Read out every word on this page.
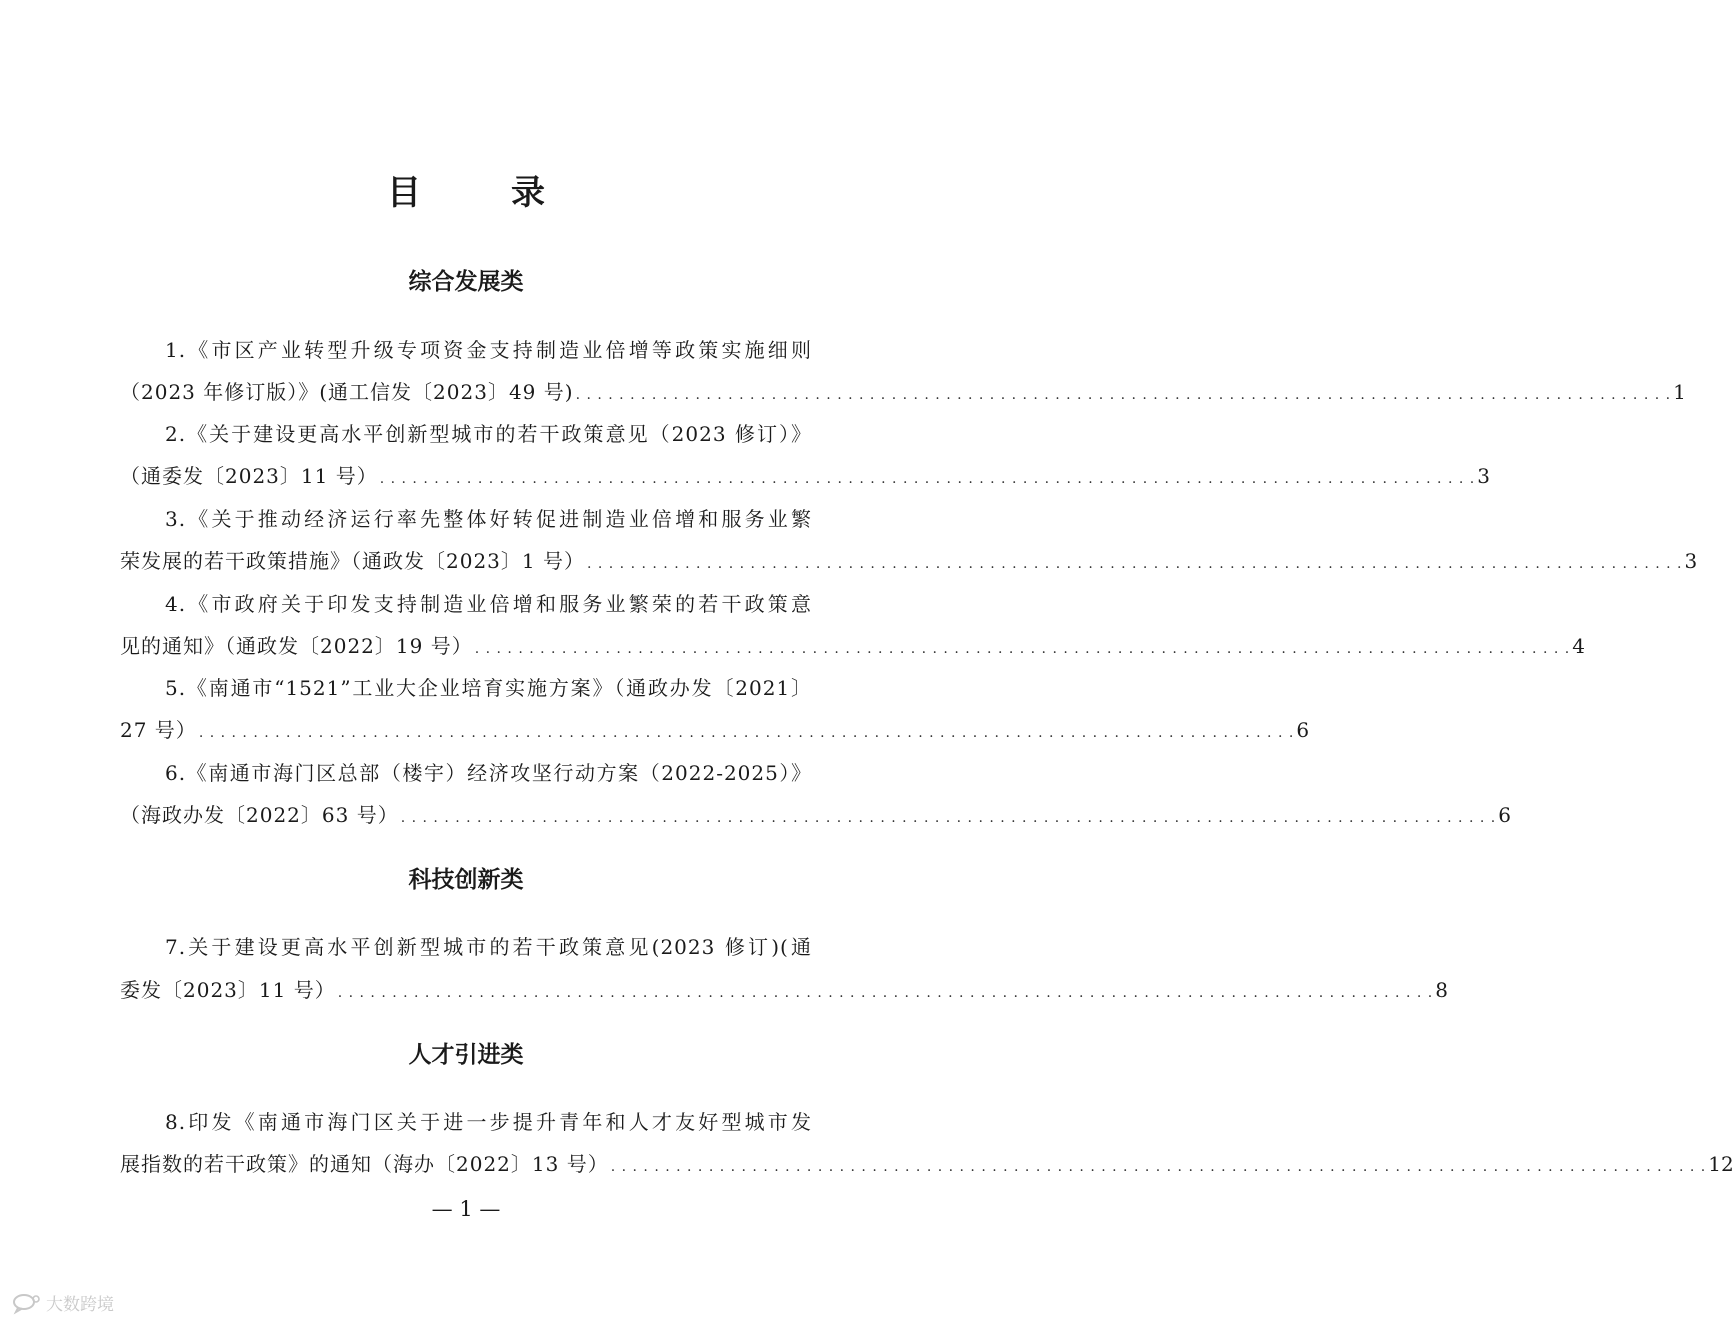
目　录
综合发展类
1.《市区产业转型升级专项资金支持制造业倍增等政策实施细则
（2023 年修订版）》(通工信发〔2023〕49 号) . . . . . . . . . . . . . . . . . . . . . . . . . . . . . . . . . . . . . . . . . . . . . . . . . . . . . . . . . . . . . . . . . . . . . . . . . . . . . . . . . . . . . . . . . . . . . . . . . . . . . 1
2.《关于建设更高水平创新型城市的若干政策意见（2023 修订）》
（通委发〔2023〕11 号） . . . . . . . . . . . . . . . . . . . . . . . . . . . . . . . . . . . . . . . . . . . . . . . . . . . . . . . . . . . . . . . . . . . . . . . . . . . . . . . . . . . . . . . . . . . . . . . . . . . . . 3
3.《关于推动经济运行率先整体好转促进制造业倍增和服务业繁
荣发展的若干政策措施》（通政发〔2023〕1 号） . . . . . . . . . . . . . . . . . . . . . . . . . . . . . . . . . . . . . . . . . . . . . . . . . . . . . . . . . . . . . . . . . . . . . . . . . . . . . . . . . . . . . . . . . . . . . . . . . . . . . 3
4.《市政府关于印发支持制造业倍增和服务业繁荣的若干政策意
见的通知》（通政发〔2022〕19 号） . . . . . . . . . . . . . . . . . . . . . . . . . . . . . . . . . . . . . . . . . . . . . . . . . . . . . . . . . . . . . . . . . . . . . . . . . . . . . . . . . . . . . . . . . . . . . . . . . . . . . 4
5.《南通市“1521”工业大企业培育实施方案》（通政办发〔2021〕
27 号） . . . . . . . . . . . . . . . . . . . . . . . . . . . . . . . . . . . . . . . . . . . . . . . . . . . . . . . . . . . . . . . . . . . . . . . . . . . . . . . . . . . . . . . . . . . . . . . . . . . . . 6
6.《南通市海门区总部（楼宇）经济攻坚行动方案（2022-2025）》
（海政办发〔2022〕63 号） . . . . . . . . . . . . . . . . . . . . . . . . . . . . . . . . . . . . . . . . . . . . . . . . . . . . . . . . . . . . . . . . . . . . . . . . . . . . . . . . . . . . . . . . . . . . . . . . . . . . . 6
科技创新类
7.关于建设更高水平创新型城市的若干政策意见(2023 修订)(通
委发〔2023〕11 号） . . . . . . . . . . . . . . . . . . . . . . . . . . . . . . . . . . . . . . . . . . . . . . . . . . . . . . . . . . . . . . . . . . . . . . . . . . . . . . . . . . . . . . . . . . . . . . . . . . . . . 8
人才引进类
8.印发《南通市海门区关于进一步提升青年和人才友好型城市发
展指数的若干政策》的通知（海办〔2022〕13 号） . . . . . . . . . . . . . . . . . . . . . . . . . . . . . . . . . . . . . . . . . . . . . . . . . . . . . . . . . . . . . . . . . . . . . . . . . . . . . . . . . . . . . . . . . . . . . . . . . . . . . 12
— 1 —
大数跨境
